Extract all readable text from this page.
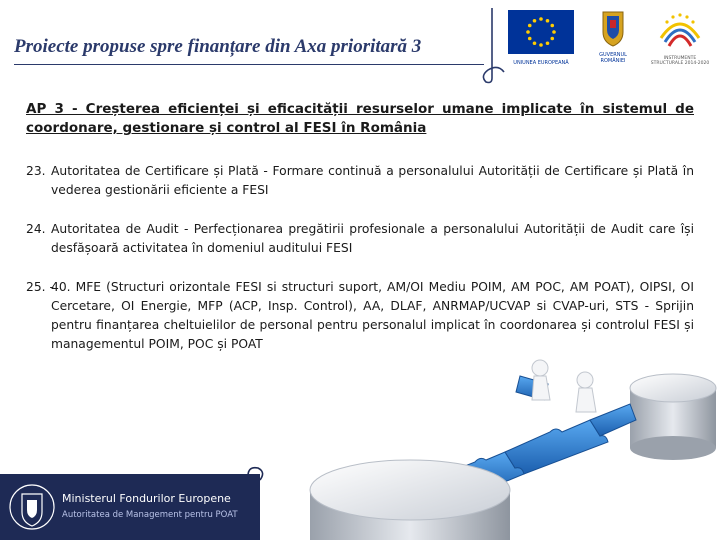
Proiecte propuse spre finanțare din Axa prioritară 3
UNIUNEA EUROPEANĂ
GUVERNUL ROMÂNIEI	INSTRUMENTE STRUCTURALE 2014-2020
AP 3 - Creșterea eficienței și eficacității resurselor umane implicate în sistemul de coordonare, gestionare și control al FESI în România
23. Autoritatea de Certificare și Plată - Formare continuă a personalului Autorității de Certificare și Plată în vederea gestionării eficiente a FESI
24. Autoritatea de Audit - Perfecționarea pregătirii profesionale a personalului Autorității de Audit care își desfășoară activitatea în domeniul auditului FESI
25. -
40. MFE (Structuri orizontale FESI si structuri suport, AM/OI Mediu POIM, AM POC, AM POAT), OIPSI, OI Cercetare, OI Energie, MFP (ACP, Insp. Control), AA, DLAF, ANRMAP/UCVAP si CVAP-uri, STS - Sprijin pentru finanțarea cheltuielilor de personal pentru personalul implicat în coordonarea și controlul FESI și managementul POIM, POC și POAT
Ministerul Fondurilor Europene
Autoritatea de Management pentru POAT
